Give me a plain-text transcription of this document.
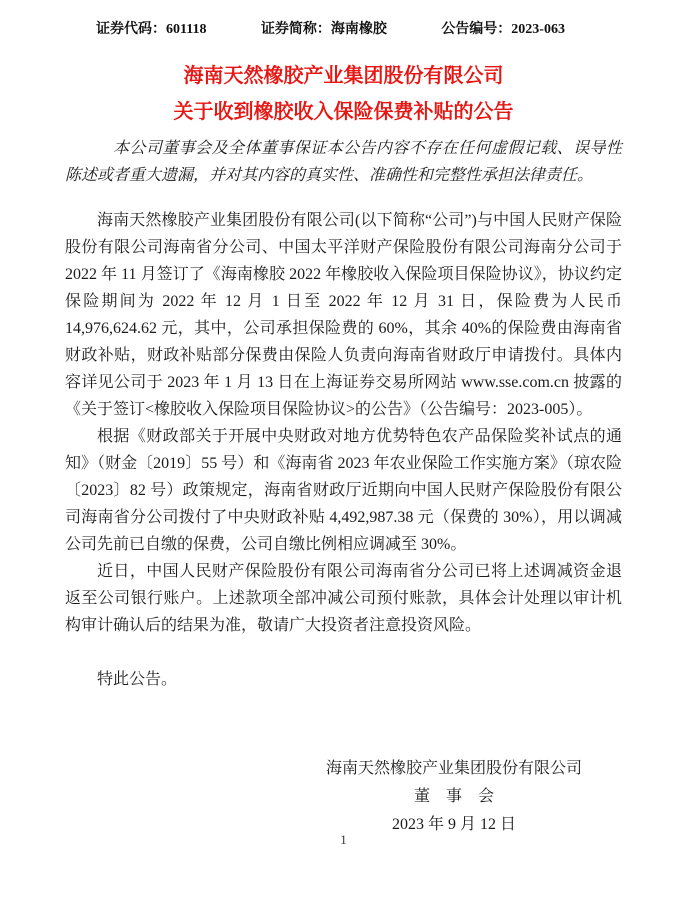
证券代码：601118	证券简称：海南橡胶	公告编号：2023-063
海南天然橡胶产业集团股份有限公司
关于收到橡胶收入保险保费补贴的公告
本公司董事会及全体董事保证本公告内容不存在任何虚假记载、误导性陈述或者重大遗漏，并对其内容的真实性、准确性和完整性承担法律责任。
海南天然橡胶产业集团股份有限公司(以下简称“公司”)与中国人民财产保险股份有限公司海南省分公司、中国太平洋财产保险股份有限公司海南分公司于 2022 年 11 月签订了《海南橡胶 2022 年橡胶收入保险项目保险协议》，协议约定保险期间为 2022 年 12 月 1 日至 2022 年 12 月 31 日，保险费为人民币 14,976,624.62 元，其中，公司承担保险费的 60%，其余 40%的保险费由海南省财政补贴，财政补贴部分保费由保险人负责向海南省财政厅申请拨付。具体内容详见公司于 2023 年 1 月 13 日在上海证券交易所网站 www.sse.com.cn 披露的《关于签订<橡胶收入保险项目保险协议>的公告》（公告编号：2023-005）。
根据《财政部关于开展中央财政对地方优势特色农产品保险奖补试点的通知》（财金〔2019〕55 号）和《海南省 2023 年农业保险工作实施方案》（琼农险〔2023〕82 号）政策规定，海南省财政厅近期向中国人民财产保险股份有限公司海南省分公司拨付了中央财政补贴 4,492,987.38 元（保费的 30%），用以调减公司先前已自缴的保费，公司自缴比例相应调减至 30%。
近日，中国人民财产保险股份有限公司海南省分公司已将上述调减资金退返至公司银行账户。上述款项全部冲减公司预付账款，具体会计处理以审计机构审计确认后的结果为准，敬请广大投资者注意投资风险。
特此公告。
海南天然橡胶产业集团股份有限公司
董　事　会
2023 年 9 月 12 日
1
